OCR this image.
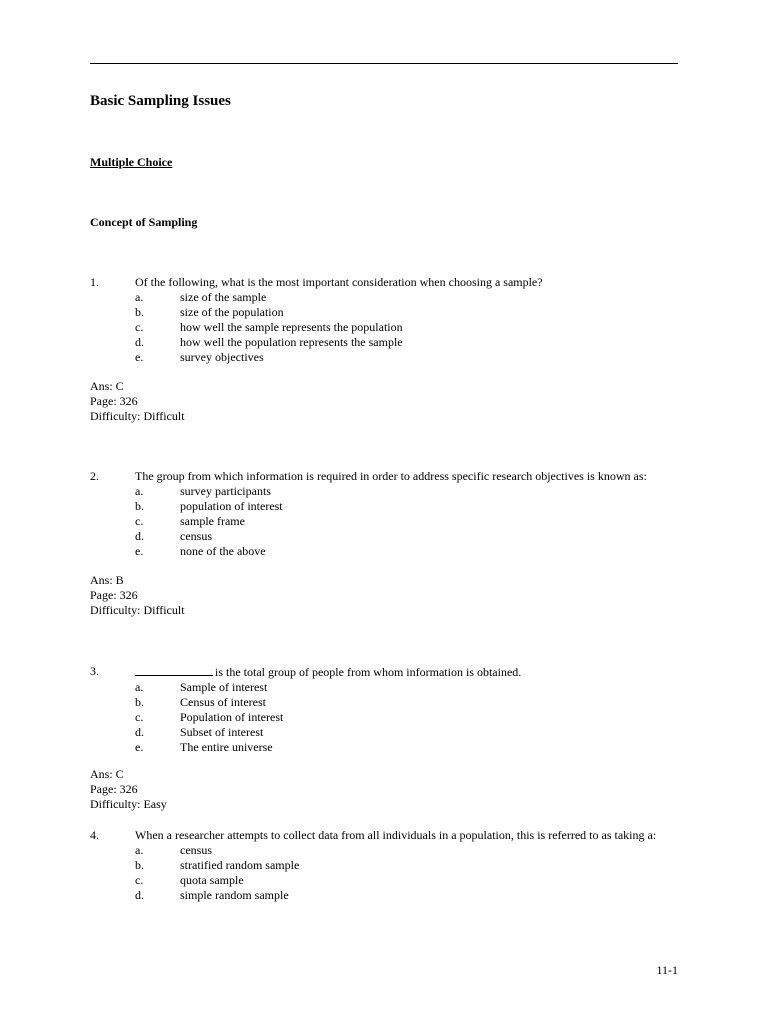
Basic Sampling Issues
Multiple Choice
Concept of Sampling
1.	Of the following, what is the most important consideration when choosing a sample?
a.	size of the sample
b.	size of the population
c.	how well the sample represents the population
d.	how well the population represents the sample
e.	survey objectives
Ans: C
Page: 326
Difficulty: Difficult
2.	The group from which information is required in order to address specific research objectives is known as:
a.	survey participants
b.	population of interest
c.	sample frame
d.	census
e.	none of the above
Ans: B
Page: 326
Difficulty: Difficult
3.	is the total group of people from whom information is obtained.
a.	Sample of interest
b.	Census of interest
c.	Population of interest
d.	Subset of interest
e.	The entire universe
Ans: C
Page: 326
Difficulty: Easy
4.	When a researcher attempts to collect data from all individuals in a population, this is referred to as taking a:
a.	census
b.	stratified random sample
c.	quota sample
d.	simple random sample
11-1
